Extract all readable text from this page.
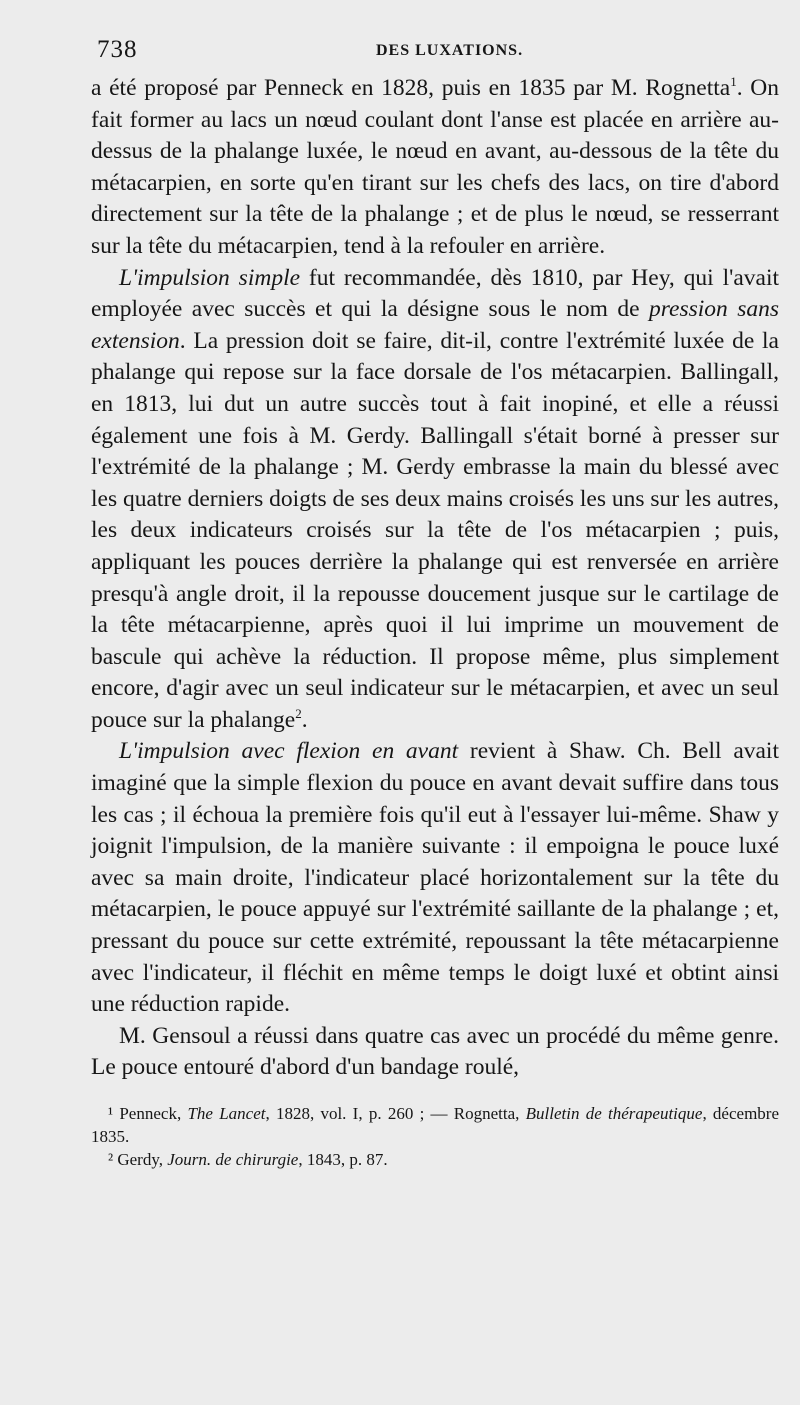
738	DES LUXATIONS.

a été proposé par Penneck en 1828, puis en 1835 par M. Rognetta$^1$. On fait former au lacs un nœud coulant dont l'anse est placée en arrière au-dessus de la phalange luxée, le nœud en avant, au-dessous de la tête du métacarpien, en sorte qu'en tirant sur les chefs des lacs, on tire d'abord directement sur la tête de la phalange ; et de plus le nœud, se resserrant sur la tête du métacarpien, tend à la refouler en arrière.

L'impulsion simple fut recommandée, dès 1810, par Hey, qui l'avait employée avec succès et qui la désigne sous le nom de pression sans extension. La pression doit se faire, dit-il, contre l'extrémité luxée de la phalange qui repose sur la face dorsale de l'os métacarpien. Ballingall, en 1813, lui dut un autre succès tout à fait inopiné, et elle a réussi également une fois à M. Gerdy. Ballingall s'était borné à presser sur l'extrémité de la phalange ; M. Gerdy embrasse la main du blessé avec les quatre derniers doigts de ses deux mains croisés les uns sur les autres, les deux indicateurs croisés sur la tête de l'os métacarpien ; puis, appliquant les pouces derrière la phalange qui est renversée en arrière presqu'à angle droit, il la repousse doucement jusque sur le cartilage de la tête métacarpienne, après quoi il lui imprime un mouvement de bascule qui achève la réduction. Il propose même, plus simplement encore, d'agir avec un seul indicateur sur le métacarpien, et avec un seul pouce sur la phalange$^2$.

L'impulsion avec flexion en avant revient à Shaw. Ch. Bell avait imaginé que la simple flexion du pouce en avant devait suffire dans tous les cas ; il échoua la première fois qu'il eut à l'essayer lui-même. Shaw y joignit l'impulsion, de la manière suivante : il empoigna le pouce luxé avec sa main droite, l'indicateur placé horizontalement sur la tête du métacarpien, le pouce appuyé sur l'extrémité saillante de la phalange ; et, pressant du pouce sur cette extrémité, repoussant la tête métacarpienne avec l'indicateur, il fléchit en même temps le doigt luxé et obtint ainsi une réduction rapide.

M. Gensoul a réussi dans quatre cas avec un procédé du même genre. Le pouce entouré d'abord d'un bandage roulé,

¹ Penneck, The Lancet, 1828, vol. I, p. 260 ; — Rognetta, Bulletin de thérapeutique, décembre 1835.

² Gerdy, Journ. de chirurgie, 1843, p. 87.
